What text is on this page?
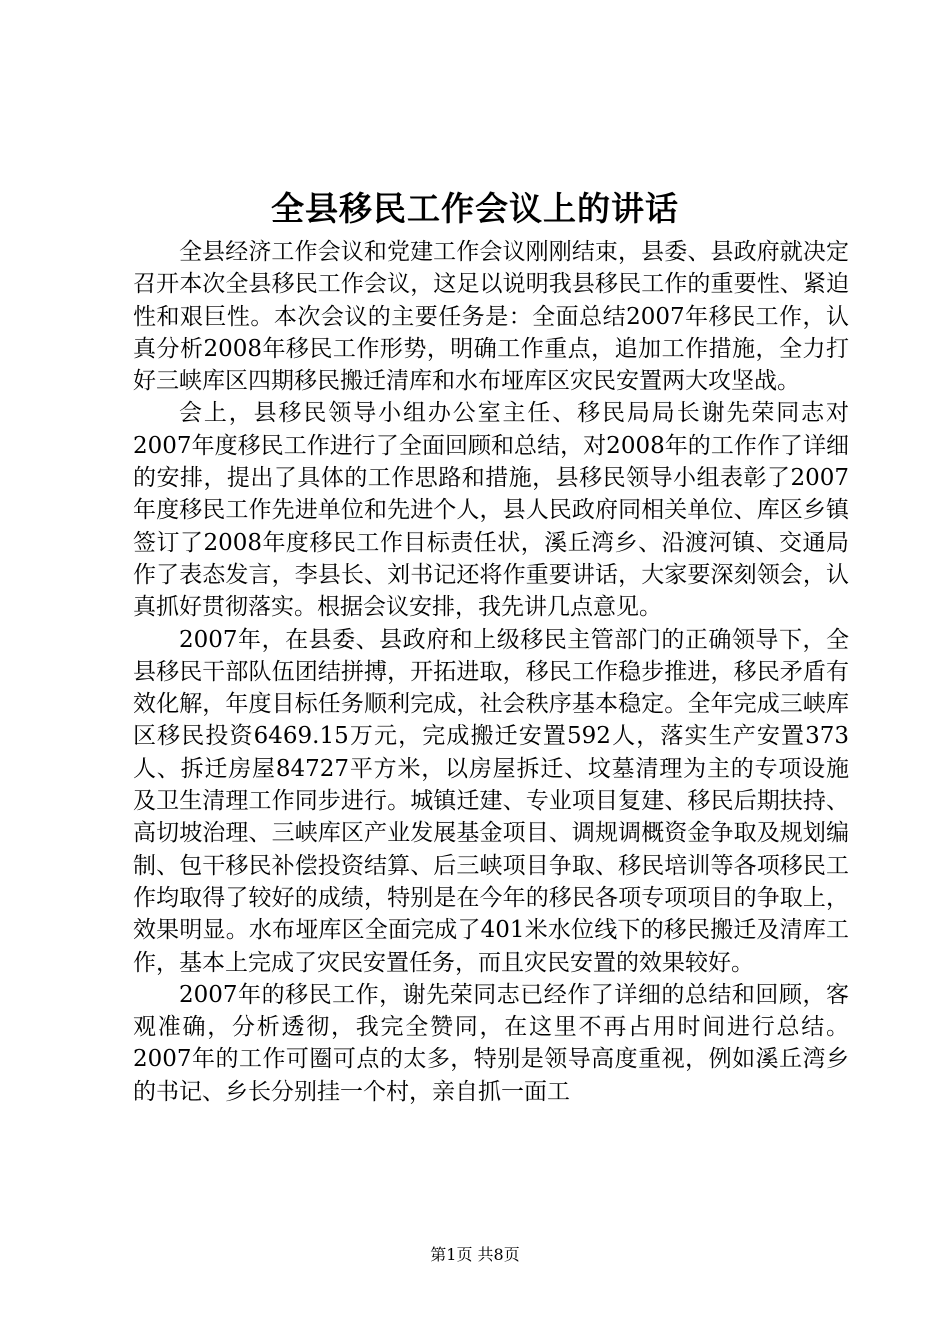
全县移民工作会议上的讲话

全县经济工作会议和党建工作会议刚刚结束，县委、县政府就决定召开本次全县移民工作会议，这足以说明我县移民工作的重要性、紧迫性和艰巨性。本次会议的主要任务是：全面总结2007年移民工作，认真分析2008年移民工作形势，明确工作重点，追加工作措施，全力打好三峡库区四期移民搬迁清库和水布垭库区灾民安置两大攻坚战。

会上，县移民领导小组办公室主任、移民局局长谢先荣同志对2007年度移民工作进行了全面回顾和总结，对2008年的工作作了详细的安排，提出了具体的工作思路和措施，县移民领导小组表彰了2007年度移民工作先进单位和先进个人，县人民政府同相关单位、库区乡镇签订了2008年度移民工作目标责任状，溪丘湾乡、沿渡河镇、交通局作了表态发言，李县长、刘书记还将作重要讲话，大家要深刻领会，认真抓好贯彻落实。根据会议安排，我先讲几点意见。

2007年，在县委、县政府和上级移民主管部门的正确领导下，全县移民干部队伍团结拼搏，开拓进取，移民工作稳步推进，移民矛盾有效化解，年度目标任务顺利完成，社会秩序基本稳定。全年完成三峡库区移民投资6469.15万元，完成搬迁安置592人，落实生产安置373人、拆迁房屋84727平方米，以房屋拆迁、坟墓清理为主的专项设施及卫生清理工作同步进行。城镇迁建、专业项目复建、移民后期扶持、高切坡治理、三峡库区产业发展基金项目、调规调概资金争取及规划编制、包干移民补偿投资结算、后三峡项目争取、移民培训等各项移民工作均取得了较好的成绩，特别是在今年的移民各项专项项目的争取上，效果明显。水布垭库区全面完成了401米水位线下的移民搬迁及清库工作，基本上完成了灾民安置任务，而且灾民安置的效果较好。

2007年的移民工作，谢先荣同志已经作了详细的总结和回顾，客观准确，分析透彻，我完全赞同，在这里不再占用时间进行总结。2007年的工作可圈可点的太多，特别是领导高度重视，例如溪丘湾乡的书记、乡长分别挂一个村，亲自抓一面工

第1页 共8页
